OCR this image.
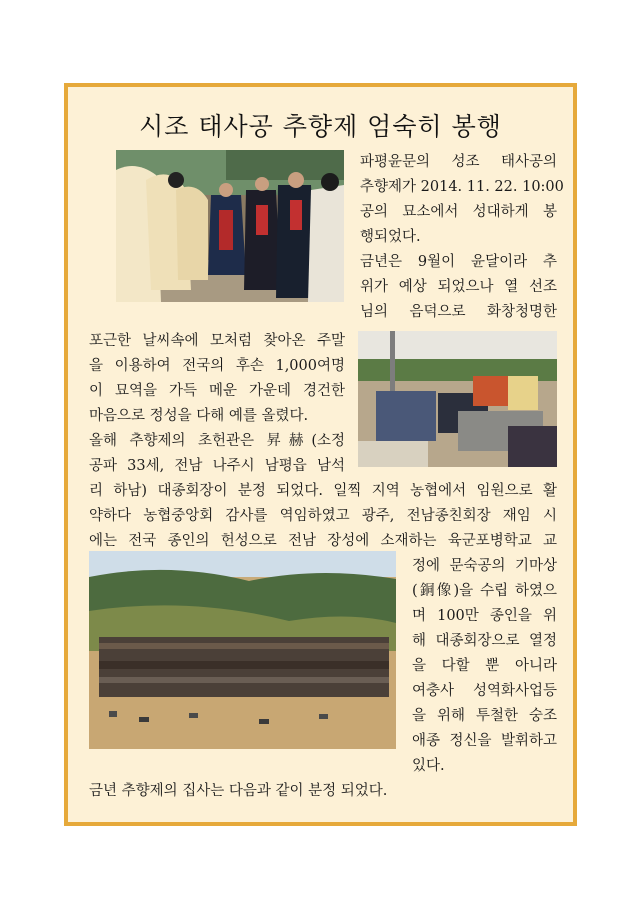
시조 태사공 추향제 엄숙히 봉행
파평윤문의 성조 태사공의
추향제가 2014. 11. 22. 10:00
공의 묘소에서 성대하게 봉
행되었다.
금년은 9월이 윤달이라 추
위가 예상 되었으나 열 선조
님의 음덕으로 화창청명한
포근한 날씨속에 모처럼 찾아온 주말
을 이용하여 전국의 후손 1,000여명
이 묘역을 가득 메운 가운데 경건한
마음으로 정성을 다해 예를 올렸다.
올해 추향제의 초헌관은 昇赫(소정
공파 33세, 전남 나주시 남평읍 남석
리 하남) 대종회장이 분정 되었다. 일찍 지역 농협에서 임원으로 활
약하다 농협중앙회 감사를 역임하였고 광주, 전남종친회장 재임 시
에는 전국 종인의 헌성으로 전남 장성에 소재하는 육군포병학교 교
정에 문숙공의 기마상
(銅像)을 수립 하였으
며 100만 종인을 위
해 대종회장으로 열정
을 다할 뿐 아니라
여충사 성역화사업등
을 위해 투철한 숭조
애종 정신을 발휘하고
있다.
금년 추향제의 집사는 다음과 같이 분정 되었다.
